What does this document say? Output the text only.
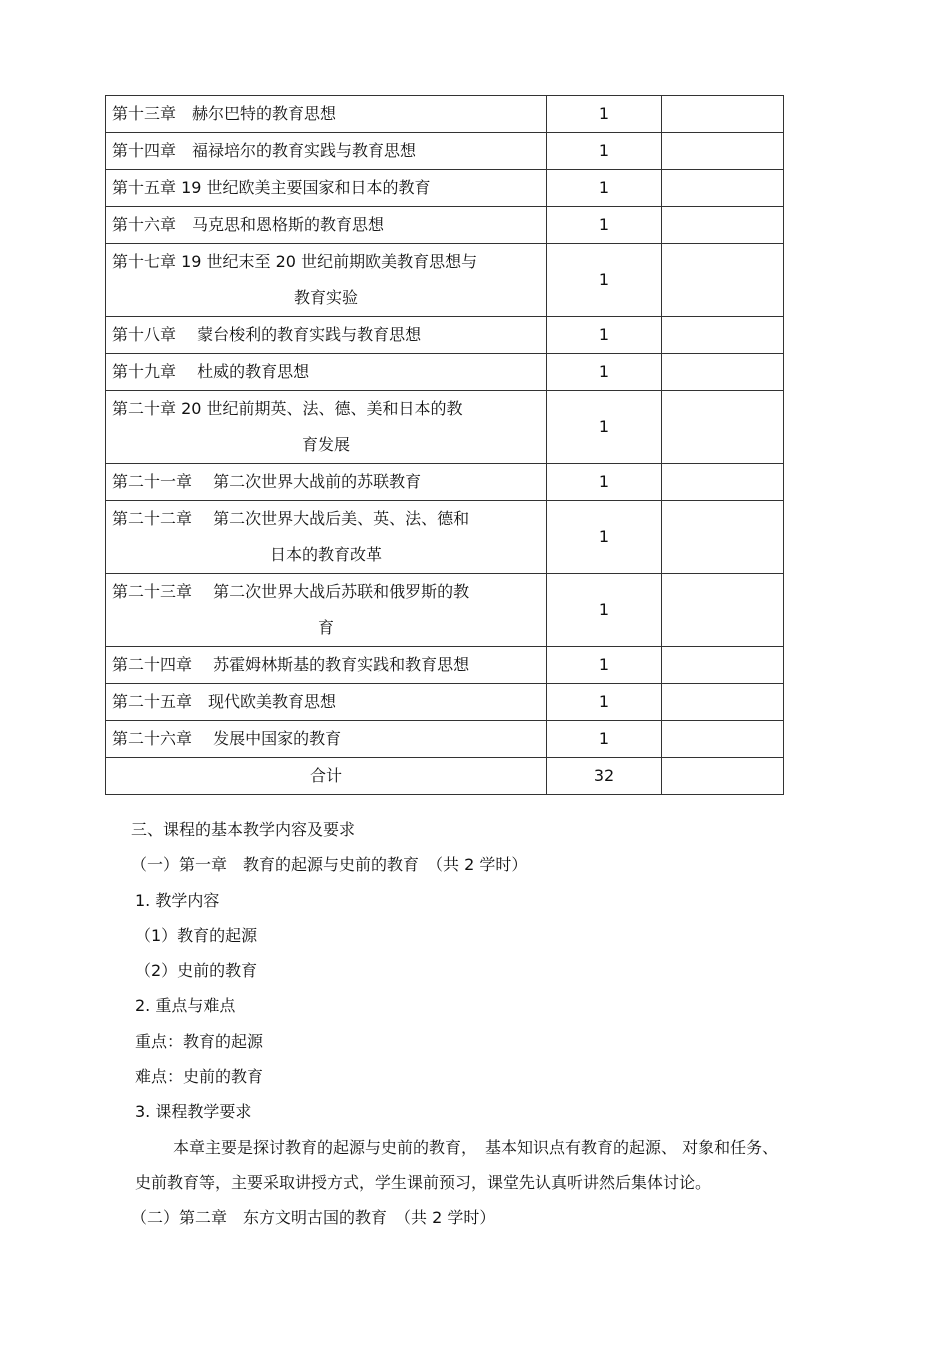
第十三章　赫尔巴特的教育思想	1	

第十四章　福禄培尔的教育实践与教育思想	1	

第十五章 19 世纪欧美主要国家和日本的教育	1	

第十六章　马克思和恩格斯的教育思想	1	

第十七章 19 世纪末至 20 世纪前期欧美教育思想与
教育实验	1	

第十八章　 蒙台梭利的教育实践与教育思想	1	

第十九章　 杜威的教育思想	1	

第二十章 20 世纪前期英、法、德、美和日本的教
育发展	1	

第二十一章　 第二次世界大战前的苏联教育	1	

第二十二章　 第二次世界大战后美、英、法、德和
日本的教育改革	1	

第二十三章　 第二次世界大战后苏联和俄罗斯的教
育	1	

第二十四章　 苏霍姆林斯基的教育实践和教育思想	1	

第二十五章　现代欧美教育思想	1	

第二十六章　 发展中国家的教育	1	
合计	32	
三、课程的基本教学内容及要求
（一）第一章　教育的起源与史前的教育　（共 2 学时）
1. 教学内容
（1）教育的起源
（2）史前的教育
2. 重点与难点
重点：教育的起源
难点：史前的教育
3. 课程教学要求
本章主要是探讨教育的起源与史前的教育，　基本知识点有教育的起源、 对象和任务、
史前教育等，主要采取讲授方式，学生课前预习，课堂先认真听讲然后集体讨论。
（二）第二章　东方文明古国的教育　（共 2 学时）
